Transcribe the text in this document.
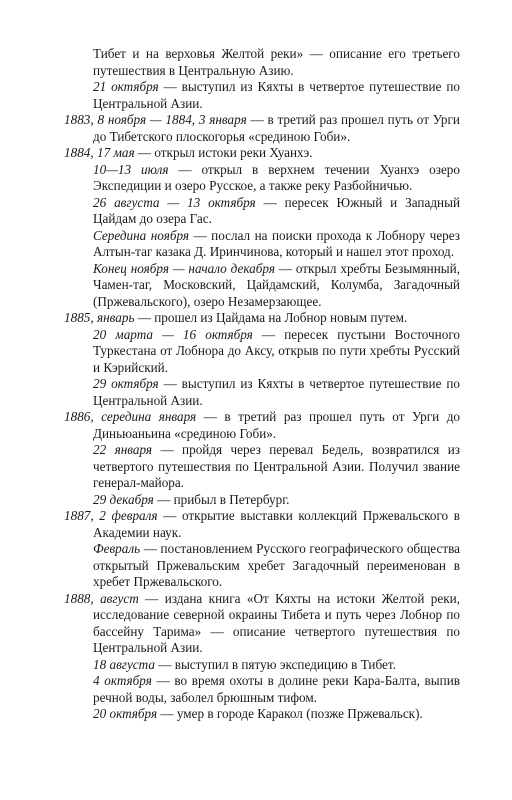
Тибет и на верховья Желтой реки» — описание его третьего путешествия в Центральную Азию.

21 октября — выступил из Кяхты в четвертое путешествие по Центральной Азии.

1883, 8 ноября — 1884, 3 января — в третий раз прошел путь от Урги до Тибетского плоскогорья «срединою Гоби».

1884, 17 мая — открыл истоки реки Хуанхэ.

10—13 июля — открыл в верхнем течении Хуанхэ озеро Экспедиции и озеро Русское, а также реку Разбойничью.

26 августа — 13 октября — пересек Южный и Западный Цайдам до озера Гас.

Середина ноября — послал на поиски прохода к Лобнору через Алтын-таг казака Д. Иринчинова, который и нашел этот проход.

Конец ноября — начало декабря — открыл хребты Безымянный, Чамен-таг, Московский, Цайдамский, Колумба, Загадочный (Пржевальского), озеро Незамерзающее.

1885, январь — прошел из Цайдама на Лобнор новым путем.

20 марта — 16 октября — пересек пустыни Восточного Туркестана от Лобнора до Аксу, открыв по пути хребты Русский и Кэрийский.

29 октября — выступил из Кяхты в четвертое путешествие по Центральной Азии.

1886, середина января — в третий раз прошел путь от Урги до Диньюаньина «срединою Гоби».

22 января — пройдя через перевал Бедель, возвратился из четвертого путешествия по Центральной Азии. Получил звание генерал-майора.

29 декабря — прибыл в Петербург.

1887, 2 февраля — открытие выставки коллекций Пржевальского в Академии наук.

Февраль — постановлением Русского географического общества открытый Пржевальским хребет Загадочный переименован в хребет Пржевальского.

1888, август — издана книга «От Кяхты на истоки Желтой реки, исследование северной окраины Тибета и путь через Лобнор по бассейну Тарима» — описание четвертого путешествия по Центральной Азии.

18 августа — выступил в пятую экспедицию в Тибет.

4 октября — во время охоты в долине реки Кара-Балта, выпив речной воды, заболел брюшным тифом.

20 октября — умер в городе Каракол (позже Пржевальск).
